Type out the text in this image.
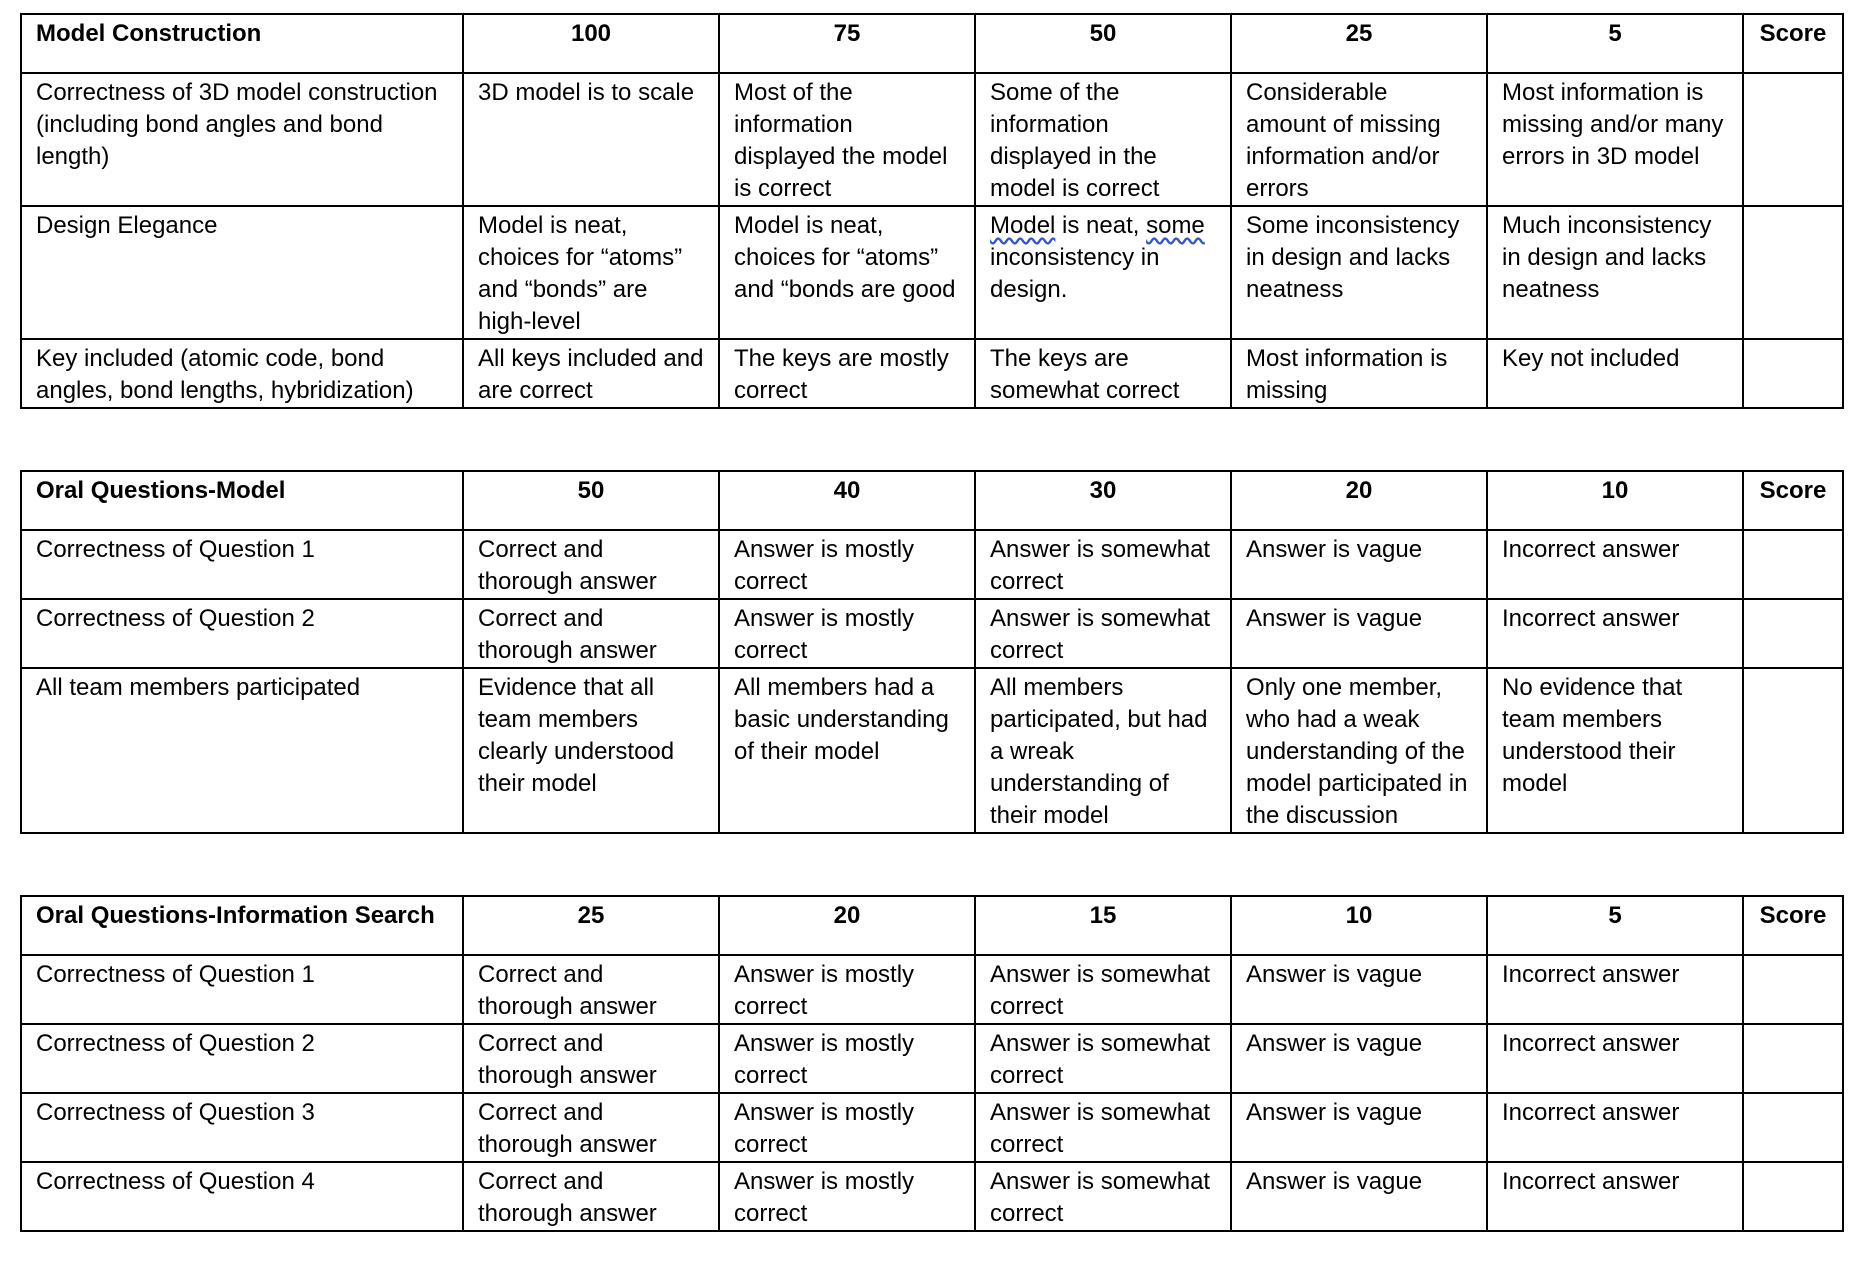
Model Construction	100	75	50	25	5	Score
Correctness of 3D model construction (including bond angles and bond length)	3D model is to scale	Most of the information displayed the model is correct	Some of the information displayed in the model is correct	Considerable amount of missing information and/or errors	Most information is missing and/or many errors in 3D model	
Design Elegance	Model is neat, choices for “atoms” and “bonds” are high-level	Model is neat, choices for “atoms” and “bonds are good	Model is neat, some inconsistency in design.	Some inconsistency in design and lacks neatness	Much inconsistency in design and lacks neatness	
Key included (atomic code, bond angles, bond lengths, hybridization)	All keys included and are correct	The keys are mostly correct	The keys are somewhat correct	Most information is missing	Key not included	
Oral Questions-Model	50	40	30	20	10	Score
Correctness of Question 1	Correct and thorough answer	Answer is mostly correct	Answer is somewhat correct	Answer is vague	Incorrect answer	
Correctness of Question 2	Correct and thorough answer	Answer is mostly correct	Answer is somewhat correct	Answer is vague	Incorrect answer	
All team members participated	Evidence that all team members clearly understood their model	All members had a basic understanding of their model	All members participated, but had a wreak understanding of their model	Only one member, who had a weak understanding of the model participated in the discussion	No evidence that team members understood their model	
Oral Questions-Information Search	25	20	15	10	5	Score
Correctness of Question 1	Correct and thorough answer	Answer is mostly correct	Answer is somewhat correct	Answer is vague	Incorrect answer	
Correctness of Question 2	Correct and thorough answer	Answer is mostly correct	Answer is somewhat correct	Answer is vague	Incorrect answer	
Correctness of Question 3	Correct and thorough answer	Answer is mostly correct	Answer is somewhat correct	Answer is vague	Incorrect answer	
Correctness of Question 4	Correct and thorough answer	Answer is mostly correct	Answer is somewhat correct	Answer is vague	Incorrect answer	
